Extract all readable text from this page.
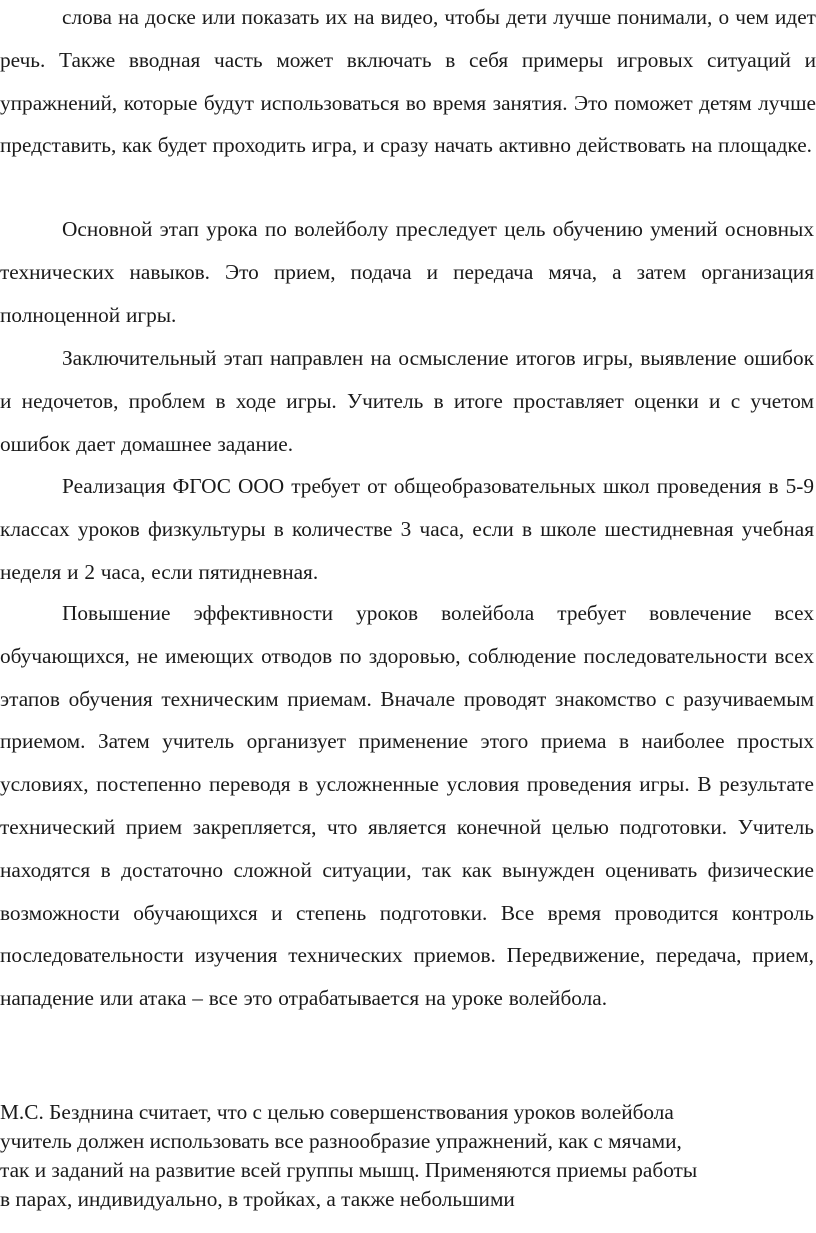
слова на доске или показать их на видео, чтобы дети лучше понимали, о чем идет речь. Также вводная часть может включать в себя примеры игровых ситуаций и упражнений, которые будут использоваться во время занятия. Это поможет детям лучше представить, как будет проходить игра, и сразу начать активно действовать на площадке.

Основной этап урока по волейболу преследует цель обучению умений основных технических навыков. Это прием, подача и передача мяча, а затем организация полноценной игры.

Заключительный этап направлен на осмысление итогов игры, выявление ошибок и недочетов, проблем в ходе игры. Учитель в итоге проставляет оценки и с учетом ошибок дает домашнее задание.

Реализация ФГОС ООО требует от общеобразовательных школ проведения в 5-9 классах уроков физкультуры в количестве 3 часа, если в школе шестидневная учебная неделя и 2 часа, если пятидневная.

Повышение эффективности уроков волейбола требует вовлечение всех обучающихся, не имеющих отводов по здоровью, соблюдение последовательности всех этапов обучения техническим приемам. Вначале проводят знакомство с разучиваемым приемом. Затем учитель организует применение этого приема в наиболее простых условиях, постепенно переводя в усложненные условия проведения игры. В результате технический прием закрепляется, что является конечной целью подготовки. Учитель находятся в достаточно сложной ситуации, так как вынужден оценивать физические возможности обучающихся и степень подготовки. Все время проводится контроль последовательности изучения технических приемов. Передвижение, передача, прием, нападение или атака – все это отрабатывается на уроке волейбола.

М.С. Безднина считает, что с целью совершенствования уроков волейбола
учитель должен использовать все разнообразие упражнений, как с мячами,
так и заданий на развитие всей группы мышц. Применяются приемы работы
в парах, индивидуально, в тройках, а также небольшими
